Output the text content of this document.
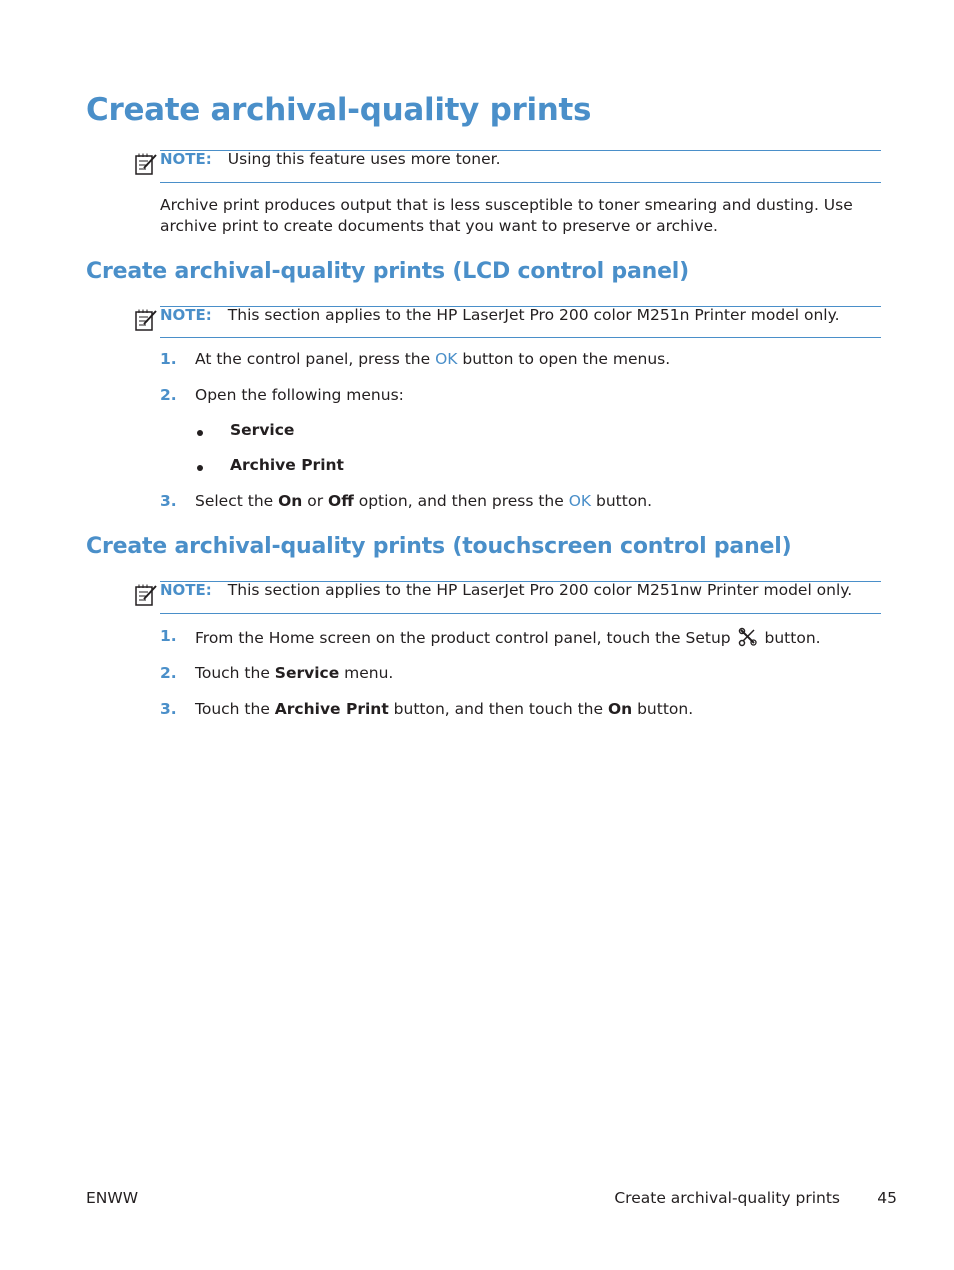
Create archival-quality prints
NOTE: Using this feature uses more toner.
Archive print produces output that is less susceptible to toner smearing and dusting. Use archive print to create documents that you want to preserve or archive.
Create archival-quality prints (LCD control panel)
NOTE: This section applies to the HP LaserJet Pro 200 color M251n Printer model only.
1. At the control panel, press the OK button to open the menus.
2. Open the following menus:
Service
Archive Print
3. Select the On or Off option, and then press the OK button.
Create archival-quality prints (touchscreen control panel)
NOTE: This section applies to the HP LaserJet Pro 200 color M251nw Printer model only.
1. From the Home screen on the product control panel, touch the Setup button.
2. Touch the Service menu.
3. Touch the Archive Print button, and then touch the On button.
ENWW	Create archival-quality prints 45
